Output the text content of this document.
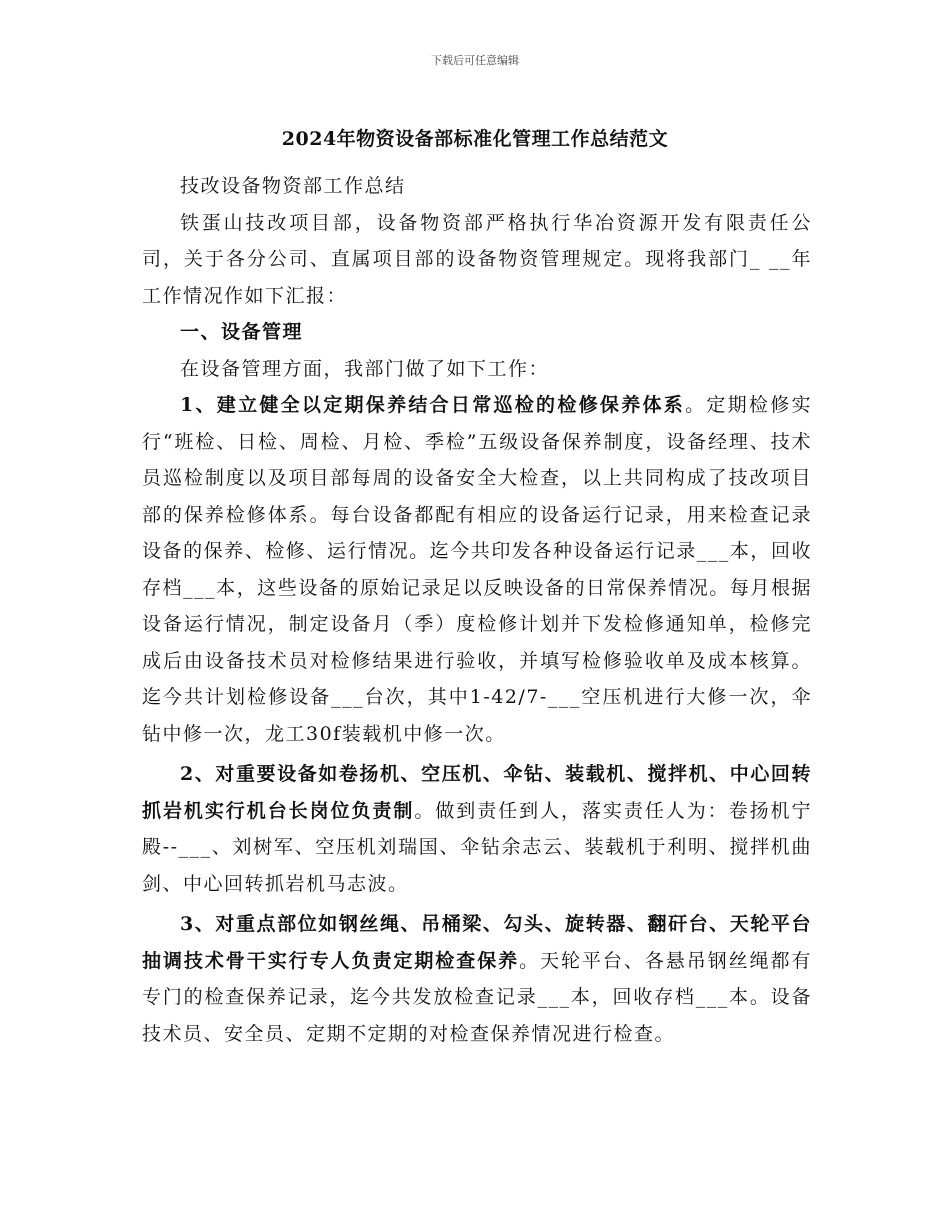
下载后可任意编辑
2024年物资设备部标准化管理工作总结范文

技改设备物资部工作总结

铁蛋山技改项目部，设备物资部严格执行华冶资源开发有限责任公司，关于各分公司、直属项目部的设备物资管理规定。现将我部门_ __年工作情况作如下汇报：

一、设备管理

在设备管理方面，我部门做了如下工作：

1、建立健全以定期保养结合日常巡检的检修保养体系。定期检修实行“班检、日检、周检、月检、季检”五级设备保养制度，设备经理、技术员巡检制度以及项目部每周的设备安全大检查，以上共同构成了技改项目部的保养检修体系。每台设备都配有相应的设备运行记录，用来检查记录设备的保养、检修、运行情况。迄今共印发各种设备运行记录___本，回收存档___本，这些设备的原始记录足以反映设备的日常保养情况。每月根据设备运行情况，制定设备月（季）度检修计划并下发检修通知单，检修完成后由设备技术员对检修结果进行验收，并填写检修验收单及成本核算。迄今共计划检修设备___台次，其中1-42/7-___空压机进行大修一次，伞钻中修一次，龙工30f装载机中修一次。

2、对重要设备如卷扬机、空压机、伞钻、装载机、搅拌机、中心回转抓岩机实行机台长岗位负责制。做到责任到人，落实责任人为：卷扬机宁殿--___、刘树军、空压机刘瑞国、伞钻余志云、装载机于利明、搅拌机曲剑、中心回转抓岩机马志波。

3、对重点部位如钢丝绳、吊桶梁、勾头、旋转器、翻矸台、天轮平台抽调技术骨干实行专人负责定期检查保养。天轮平台、各悬吊钢丝绳都有专门的检查保养记录，迄今共发放检查记录___本，回收存档___本。设备技术员、安全员、定期不定期的对检查保养情况进行检查。
